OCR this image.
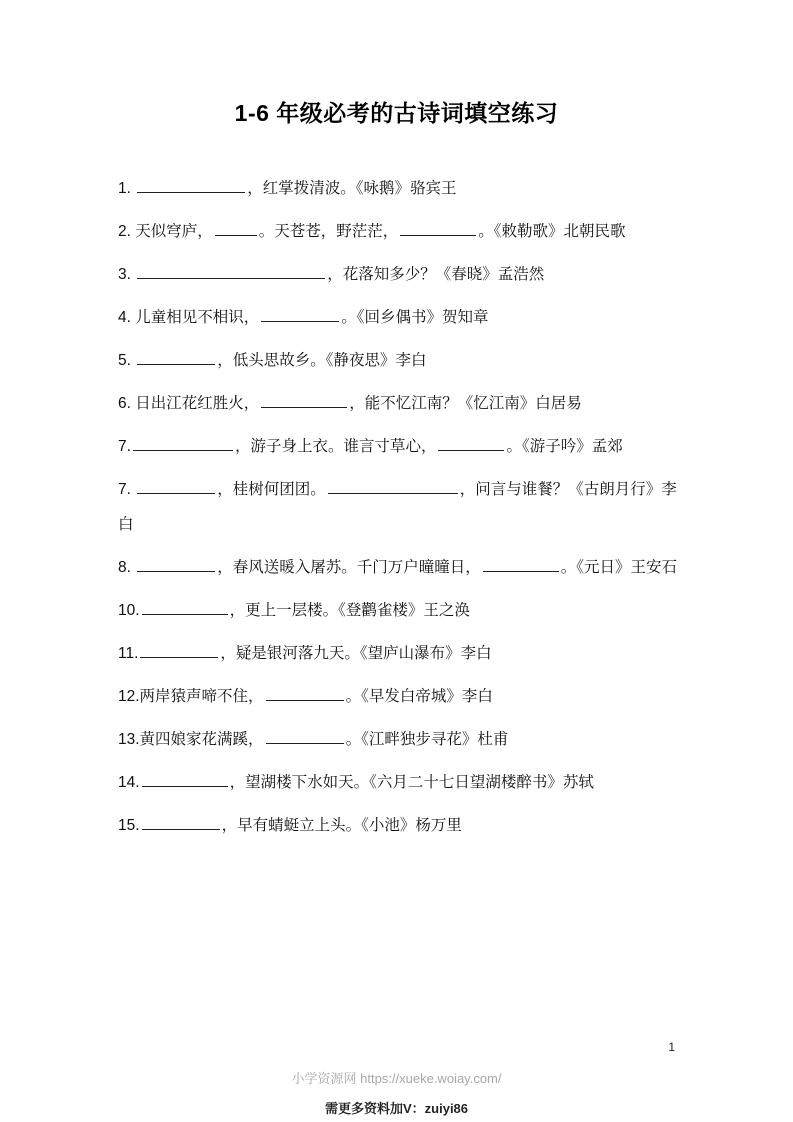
1-6 年级必考的古诗词填空练习
1.	，红掌拨清波。《咏鹅》骆宾王
2. 天似穹庐，	。天苍苍，野茫茫，	。《敕勒歌》北朝民歌
3.	，花落知多少？《春晓》孟浩然
4. 儿童相见不相识，	。《回乡偶书》贺知章
5.	，低头思故乡。《静夜思》李白
6. 日出江花红胜火，	，能不忆江南？《忆江南》白居易
7.	，游子身上衣。谁言寸草心，	。《游子吟》孟郊
7.	，桂树何团团。	，问言与谁餐？《古朗月行》李白
8.	，春风送暖入屠苏。千门万户曈曈日，	。《元日》王安石
10.	，更上一层楼。《登鹳雀楼》王之涣
11.	，疑是银河落九天。《望庐山瀑布》李白
12.两岸猿声啼不住，	。《早发白帝城》李白
13.黄四娘家花满蹊，	。《江畔独步寻花》杜甫
14.	，望湖楼下水如天。《六月二十七日望湖楼醉书》苏轼
15.	，早有蜻蜓立上头。《小池》杨万里
1
小学资源网 https://xueke.woiay.com/
需更多资料加V：zuiyi86
